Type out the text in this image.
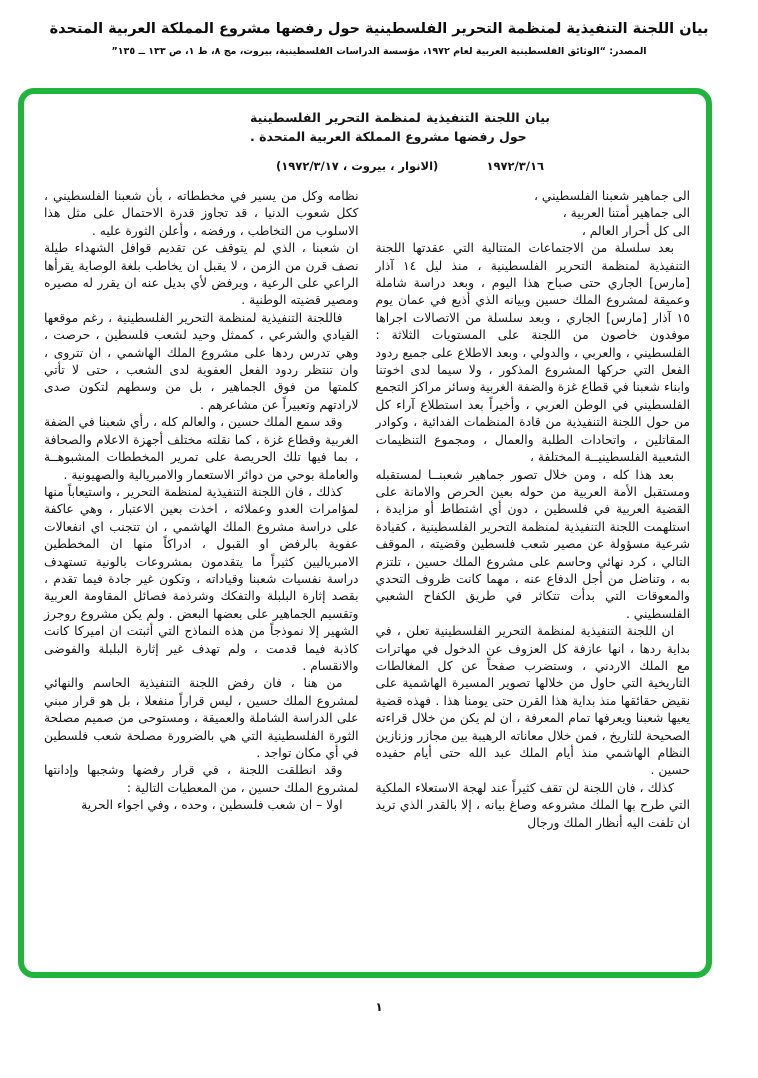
بيان اللجنة التنفيذية لمنظمة التحرير الفلسطينية حول رفضها مشروع المملكة العربية المتحدة
المصدر: “الوثائق الفلسطينية العربية لعام ١٩٧٢، مؤسسة الدراسات الفلسطينية، بيروت، مج ٨، ط ١، ص ١٣٣ ــ ١٣٥”
بيان اللجنة التنفيذية لمنظمة التحرير الفلسطينية حول رفضها مشروع المملكة العربية المتحدة .
١٩٧٢/٣/١٦
(الانوار ، بيروت ، ١٩٧٢/٣/١٧)

الى جماهير شعبنا الفلسطيني ،

الى جماهير أمتنا العربية ،

الى كل أحرار العالم ،

بعد سلسلة من الاجتماعات المتتالية التي عقدتها اللجنة التنفيذية لمنظمة التحرير الفلسطينية ، منذ ليل ١٤ آذار [مارس] الجاري حتى صباح هذا اليوم ، وبعد دراسة شاملة وعميقة لمشروع الملك حسين وبيانه الذي أذيع في عمان يوم ١٥ آذار [مارس] الجاري ، وبعد سلسلة من الاتصالات اجراها موفدون خاصون من اللجنة على المستويات الثلاثة : الفلسطيني ، والعربي ، والدولي ، وبعد الاطلاع على جميع ردود الفعل التي حركها المشروع المذكور ، ولا سيما لدى اخوتنا وابناء شعبنا في قطاع غزة والضفة الغربية وسائر مراكز التجمع الفلسطيني في الوطن العربي ، وأخيراً بعد استطلاع آراء كل من حول اللجنة التنفيذية من قادة المنظمات الفدائية ، وكوادر المقاتلين ، واتحادات الطلبة والعمال ، ومجموع التنظيمات الشعبية الفلسطينيــة المختلفة ،

بعد هذا كله ، ومن خلال تصور جماهير شعبنــا لمستقبله ومستقبل الأمة العربية من حوله بعين الحرص والامانة على القضية العربية في فلسطين ، دون أي اشتطاط أو مزايدة ، استلهمت اللجنة التنفيذية لمنظمة التحرير الفلسطينية ، كقيادة شرعية مسؤولة عن مصير شعب فلسطين وقضيته ، الموقف التالي ، كرد نهائي وحاسم على مشروع الملك حسين ، تلتزم به ، وتناضل من أجل الدفاع عنه ، مهما كانت ظروف التحدي والمعوقات التي بدأت تتكاثر في طريق الكفاح الشعبي الفلسطيني .

ان اللجنة التنفيذية لمنظمة التحرير الفلسطينية تعلن ، في بداية ردها ، انها عازفة كل العزوف عن الدخول في مهاترات مع الملك الاردني ، وستضرب صفحاً عن كل المغالطات التاريخية التي حاول من خلالها تصوير المسيرة الهاشمية على نقيض حقائقها منذ بداية هذا القرن حتى يومنا هذا . فهذه قضية يعيها شعبنا ويعرفها تمام المعرفة ، ان لم يكن من خلال قراءته الصحيحة للتاريخ ، فمن خلال معاناته الرهيبة بين مجازر وزنازين النظام الهاشمي منذ أيام الملك عبد الله حتى أيام حفيده حسين .

كذلك ، فان اللجنة لن تقف كثيراً عند لهجة الاستعلاء الملكية التي طرح بها الملك مشروعه وصاغ بيانه ، إلا بالقدر الذي تريد ان تلفت اليه أنظار الملك ورجال

نظامه وكل من يسير في مخططاته ، بأن شعبنا الفلسطيني ، ككل شعوب الدنيا ، قد تجاوز قدرة الاحتمال على مثل هذا الاسلوب من التخاطب ، ورفضه ، وأعلن الثورة عليه .

ان شعبنا ، الذي لم يتوقف عن تقديم قوافل الشهداء طيلة نصف قرن من الزمن ، لا يقبل ان يخاطب بلغة الوصاية يقرأها الراعي على الرعية ، ويرفض لأي بديل عنه ان يقرر له مصيره ومصير قضيته الوطنية .

فاللجنة التنفيذية لمنظمة التحرير الفلسطينية ، رغم موقعها القيادي والشرعي ، كممثل وحيد لشعب فلسطين ، حرصت ، وهي تدرس ردها على مشروع الملك الهاشمي ، ان تتروى ، وان تنتظر ردود الفعل العفوية لدى الشعب ، حتى لا تأتي كلمتها من فوق الجماهير ، بل من وسطهم لتكون صدى لارادتهم وتعبيراً عن مشاعرهم .

وقد سمع الملك حسين ، والعالم كله ، رأي شعبنا في الضفة الغربية وقطاع غزة ، كما نقلته مختلف أجهزة الاعلام والصحافة ، بما فيها تلك الحريصة على تمرير المخططات المشبوهــة والعاملة بوحي من دوائر الاستعمار والامبريالية والصهيونية .

كذلك ، فان اللجنة التنفيذية لمنظمة التحرير ، واستيعاباً منها لمؤامرات العدو وعملائه ، اخذت بعين الاعتبار ، وهي عاكفة على دراسة مشروع الملك الهاشمي ، ان تتجنب اي انفعالات عفوية بالرفض او القبول ، ادراكاً منها ان المخططين الامبرياليين كثيراً ما يتقدمون بمشروعات بالونية تستهدف دراسة نفسيات شعبنا وقياداته ، وتكون غير جادة فيما تقدم ، بقصد إثارة البلبلة والتفكك وشرذمة فصائل المقاومة العربية وتقسيم الجماهير على بعضها البعض . ولم يكن مشروع روجرز الشهير إلا نموذجاً من هذه النماذج التي أثبتت ان اميركا كانت كاذبة فيما قدمت ، ولم تهدف غير إثارة البلبلة والفوضى والانقسام .

من هنا ، فان رفض اللجنة التنفيذية الحاسم والنهائي لمشروع الملك حسين ، ليس قراراً منفعلا ، بل هو قرار مبني على الدراسة الشاملة والعميقة ، ومستوحى من صميم مصلحة الثورة الفلسطينية التي هي بالضرورة مصلحة شعب فلسطين في أي مكان تواجد .

وقد انطلقت اللجنة ، في قرار رفضها وشجبها وإدانتها لمشروع الملك حسين ، من المعطيات التالية :

اولا – ان شعب فلسطين ، وحده ، وفي اجواء الحرية

١
